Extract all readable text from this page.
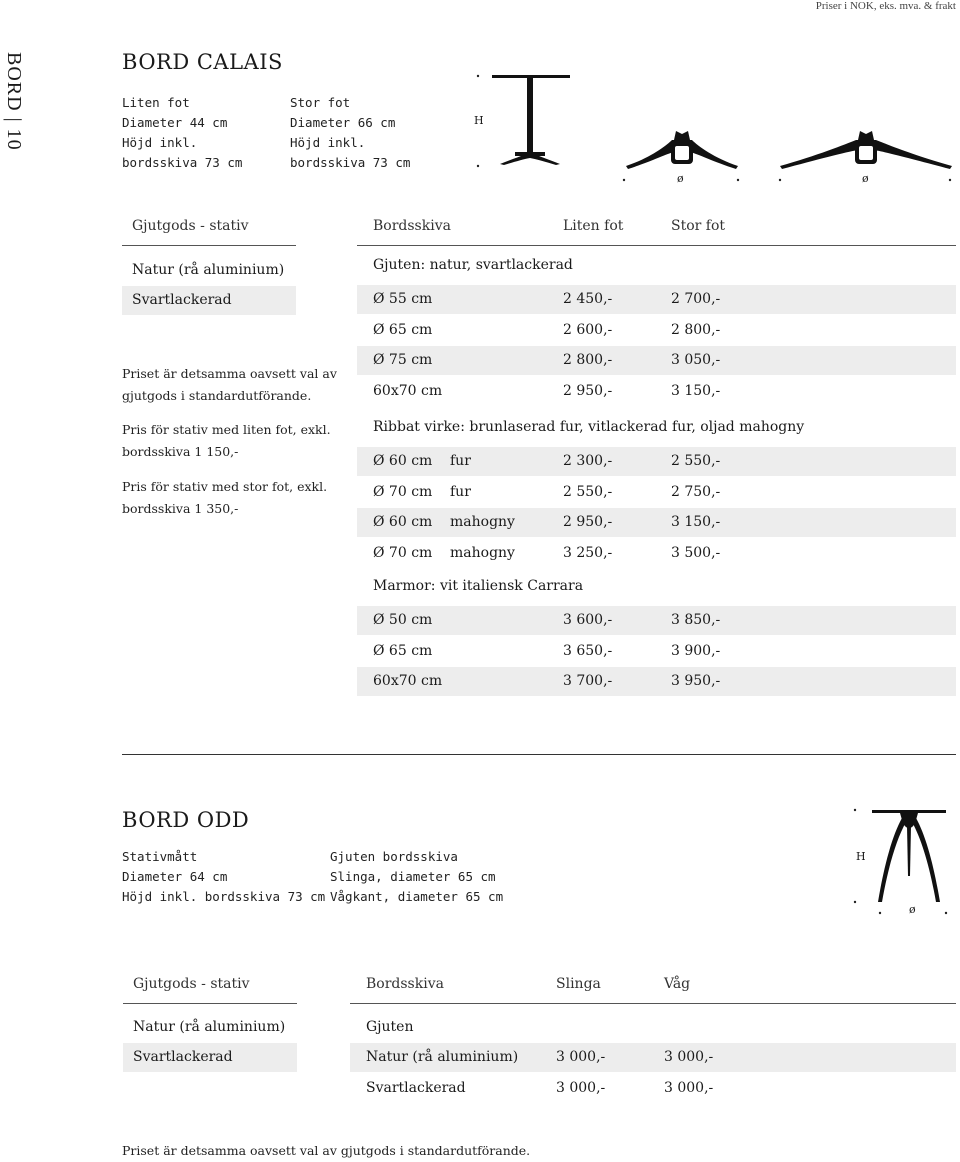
Priser i NOK, eks. mva. & frakt
BORD | 10	BORD CALAIS
Liten fot
Diameter 44 cm
Höjd inkl.
bordsskiva 73 cm
Stor fot
Diameter 66 cm
Höjd inkl.
bordsskiva 73 cm
H
ø	ø
Gjutgods - stativ
Natur (rå aluminium)
Svartlackerad
Priset är detsamma oavsett val av
gjutgods i standardutförande.
Pris för stativ med liten fot, exkl.
bordsskiva 1 150,-
Pris för stativ med stor fot, exkl.
bordsskiva 1 350,-
Bordsskiva	Liten fot	Stor fot
Gjuten: natur, svartlackerad
Ø 55 cm	2 450,-	2 700,-
Ø 65 cm	2 600,-	2 800,-
Ø 75 cm	2 800,-	3 050,-
60x70 cm	2 950,-	3 150,-
Ribbat virke: brunlaserad fur, vitlackerad fur, oljad mahogny
Ø 60 cm fur	2 300,-	2 550,-
Ø 70 cm fur	2 550,-	2 750,-
Ø 60 cm mahogny	2 950,-	3 150,-
Ø 70 cm mahogny	3 250,-	3 500,-
Marmor: vit italiensk Carrara
Ø 50 cm	3 600,-	3 850,-
Ø 65 cm	3 650,-	3 900,-
60x70 cm	3 700,-	3 950,-
BORD ODD
Stativmått
Diameter 64 cm
Höjd inkl. bordsskiva 73 cm
Gjuten bordsskiva
Slinga, diameter 65 cm
Vågkant, diameter 65 cm
H
ø
Gjutgods - stativ
Natur (rå aluminium)
Svartlackerad
Bordsskiva	Slinga	Våg
Gjuten
Natur (rå aluminium)	3 000,-	3 000,-
Svartlackerad	3 000,-	3 000,-
Priset är detsamma oavsett val av gjutgods i standardutförande.
